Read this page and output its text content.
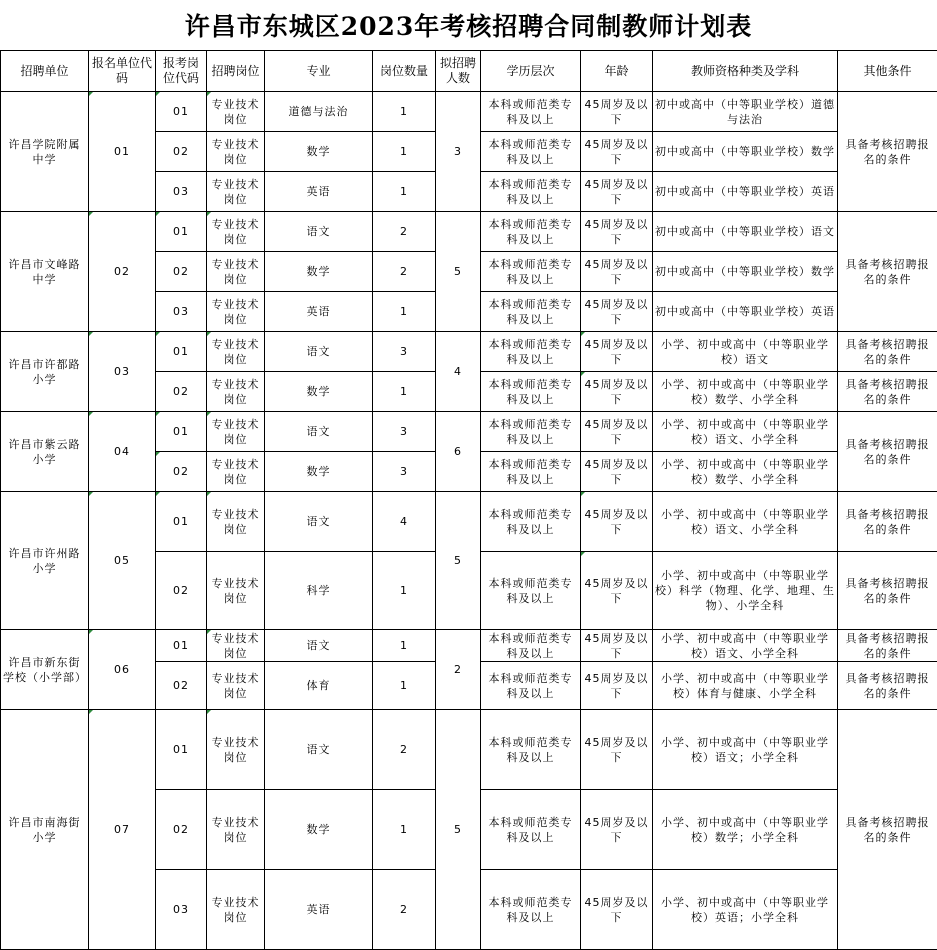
许昌市东城区2023年考核招聘合同制教师计划表
招聘单位	报名单位代码	报考岗位代码	招聘岗位	专业	岗位数量	拟招聘人数	学历层次	年龄	教师资格种类及学科	其他条件
许昌学院附属中学	01	01	专业技术岗位	道德与法治	1	3	本科或师范类专科及以上	45周岁及以下	初中或高中（中等职业学校）道德与法治	具备考核招聘报名的条件
		02	专业技术岗位	数学	1		本科或师范类专科及以上	45周岁及以下	初中或高中（中等职业学校）数学	
		03	专业技术岗位	英语	1		本科或师范类专科及以上	45周岁及以下	初中或高中（中等职业学校）英语	
许昌市文峰路中学	02	01	专业技术岗位	语文	2	5	本科或师范类专科及以上	45周岁及以下	初中或高中（中等职业学校）语文	具备考核招聘报名的条件
		02	专业技术岗位	数学	2		本科或师范类专科及以上	45周岁及以下	初中或高中（中等职业学校）数学	
		03	专业技术岗位	英语	1		本科或师范类专科及以上	45周岁及以下	初中或高中（中等职业学校）英语	
许昌市许都路小学	03	01	专业技术岗位	语文	3	4	本科或师范类专科及以上	45周岁及以下	小学、初中或高中（中等职业学校）语文	具备考核招聘报名的条件
		02	专业技术岗位	数学	1		本科或师范类专科及以上	45周岁及以下	小学、初中或高中（中等职业学校）数学、小学全科	具备考核招聘报名的条件
许昌市紫云路小学	04	01	专业技术岗位	语文	3	6	本科或师范类专科及以上	45周岁及以下	小学、初中或高中（中等职业学校）语文、小学全科	具备考核招聘报名的条件
		02	专业技术岗位	数学	3		本科或师范类专科及以上	45周岁及以下	小学、初中或高中（中等职业学校）数学、小学全科	
许昌市许州路小学	05	01	专业技术岗位	语文	4	5	本科或师范类专科及以上	45周岁及以下	小学、初中或高中（中等职业学校）语文、小学全科	具备考核招聘报名的条件
		02	专业技术岗位	科学	1		本科或师范类专科及以上	45周岁及以下	小学、初中或高中（中等职业学校）科学（物理、化学、地理、生物）、小学全科	具备考核招聘报名的条件
许昌市新东街学校（小学部）	06	01	专业技术 岗位	语文	1	2	本科或师范类专科及以上	45周岁及以下	小学、初中或高中（中等职业学校）语文、小学全科	具备考核招聘报名的条件
		02	专业技术 岗位	体育	1		本科或师范类专科及以上	45周岁及以下	小学、初中或高中（中等职业学校）体育与健康、小学全科	具备考核招聘报名的条件
许昌市南海街小学	07	01	专业技术岗位	语文	2	5	本科或师范类专科及以上	45周岁及以下	小学、初中或高中（中等职业学校）语文；小学全科	具备考核招聘报名的条件
		02	专业技术岗位	数学	1		本科或师范类专科及以上	45周岁及以下	小学、初中或高中（中等职业学校）数学；小学全科	
		03	专业技术岗位	英语	2		本科或师范类专科及以上	45周岁及以下	小学、初中或高中（中等职业学校）英语；小学全科	
